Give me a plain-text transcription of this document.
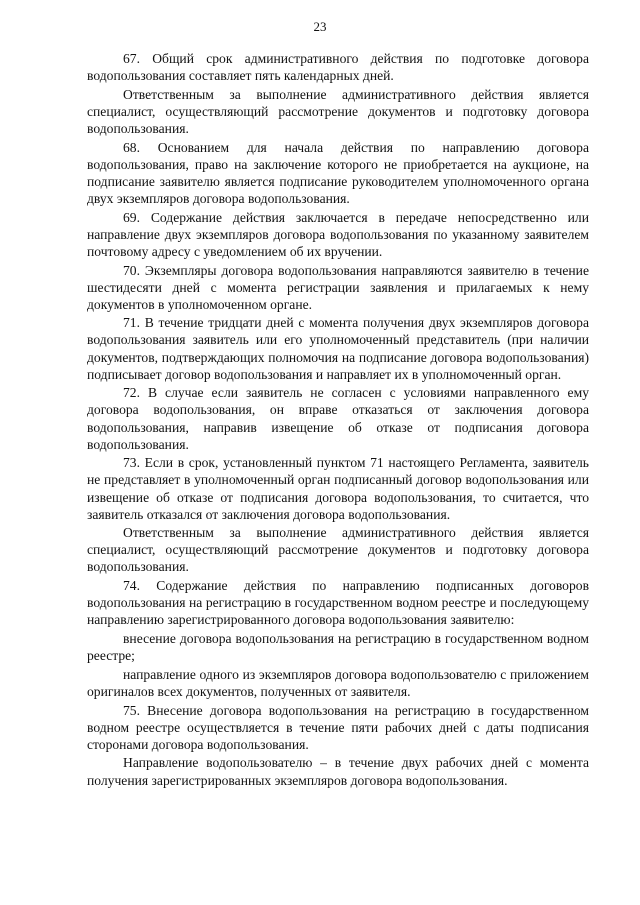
23

67. Общий срок административного действия по подготовке договора водопользования составляет пять календарных дней.

Ответственным за выполнение административного действия является специалист, осуществляющий рассмотрение документов и подготовку договора водопользования.

68. Основанием для начала действия по направлению договора водопользования, право на заключение которого не приобретается на аукционе, на подписание заявителю является подписание руководителем уполномоченного органа двух экземпляров договора водопользования.

69. Содержание действия заключается в передаче непосредственно или направление двух экземпляров договора водопользования по указанному заявителем почтовому адресу с уведомлением об их вручении.

70. Экземпляры договора водопользования направляются заявителю в течение шестидесяти дней с момента регистрации заявления и прилагаемых к нему документов в уполномоченном органе.

71. В течение тридцати дней с момента получения двух экземпляров договора водопользования заявитель или его уполномоченный представитель (при наличии документов, подтверждающих полномочия на подписание договора водопользования) подписывает договор водопользования и направляет их в уполномоченный орган.

72. В случае если заявитель не согласен с условиями направленного ему договора водопользования, он вправе отказаться от заключения договора водопользования, направив извещение об отказе от подписания договора водопользования.

73. Если в срок, установленный пунктом 71 настоящего Регламента, заявитель не представляет в уполномоченный орган подписанный договор водопользования или извещение об отказе от подписания договора водопользования, то считается, что заявитель отказался от заключения договора водопользования.

Ответственным за выполнение административного действия является специалист, осуществляющий рассмотрение документов и подготовку договора водопользования.

74. Содержание действия по направлению подписанных договоров водопользования на регистрацию в государственном водном реестре и последующему направлению зарегистрированного договора водопользования заявителю:

внесение договора водопользования на регистрацию в государственном водном реестре;

направление одного из экземпляров договора водопользователю с приложением оригиналов всех документов, полученных от заявителя.

75. Внесение договора водопользования на регистрацию в государственном водном реестре осуществляется в течение пяти рабочих дней с даты подписания сторонами договора водопользования.

Направление водопользователю – в течение двух рабочих дней с момента получения зарегистрированных экземпляров договора водопользования.
